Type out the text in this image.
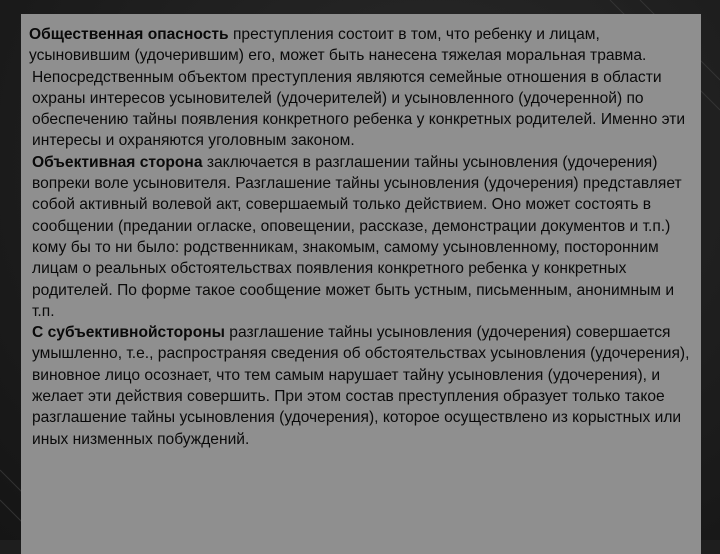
Общественная опасность преступления состоит в том, что ребенку и лицам, усыновившим (удочерившим) его, может быть нанесена тяжелая моральная травма.

Непосредственным объектом преступления являются семейные отношения в области охраны интересов усыновителей (удочерителей) и усыновленного (удочеренной) по обеспечению тайны появления конкретного ребенка у конкретных родителей. Именно эти интересы и охраняются уголовным законом.

Объективная сторона заключается в разглашении тайны усыновления (удочерения) вопреки воле усыновителя. Разглашение тайны усыновления (удочерения) представляет собой активный волевой акт, совершаемый только действием. Оно может состоять в сообщении (предании огласке, оповещении, рассказе, демонстрации документов и т.п.) кому бы то ни было: родственникам, знакомым, самому усыновленному, посторонним лицам о реальных обстоятельствах появления конкретного ребенка у конкретных родителей. По форме такое сообщение может быть устным, письменным, анонимным и т.п.

С субъективнойстороны разглашение тайны усыновления (удочерения) совершается умышленно, т.е., распространяя сведения об обстоятельствах усыновления (удочерения), виновное лицо осознает, что тем самым нарушает тайну усыновления (удочерения), и желает эти действия совершить. При этом состав преступления образует только такое разглашение тайны усыновления (удочерения), которое осуществлено из корыстных или иных низменных побуждений.
